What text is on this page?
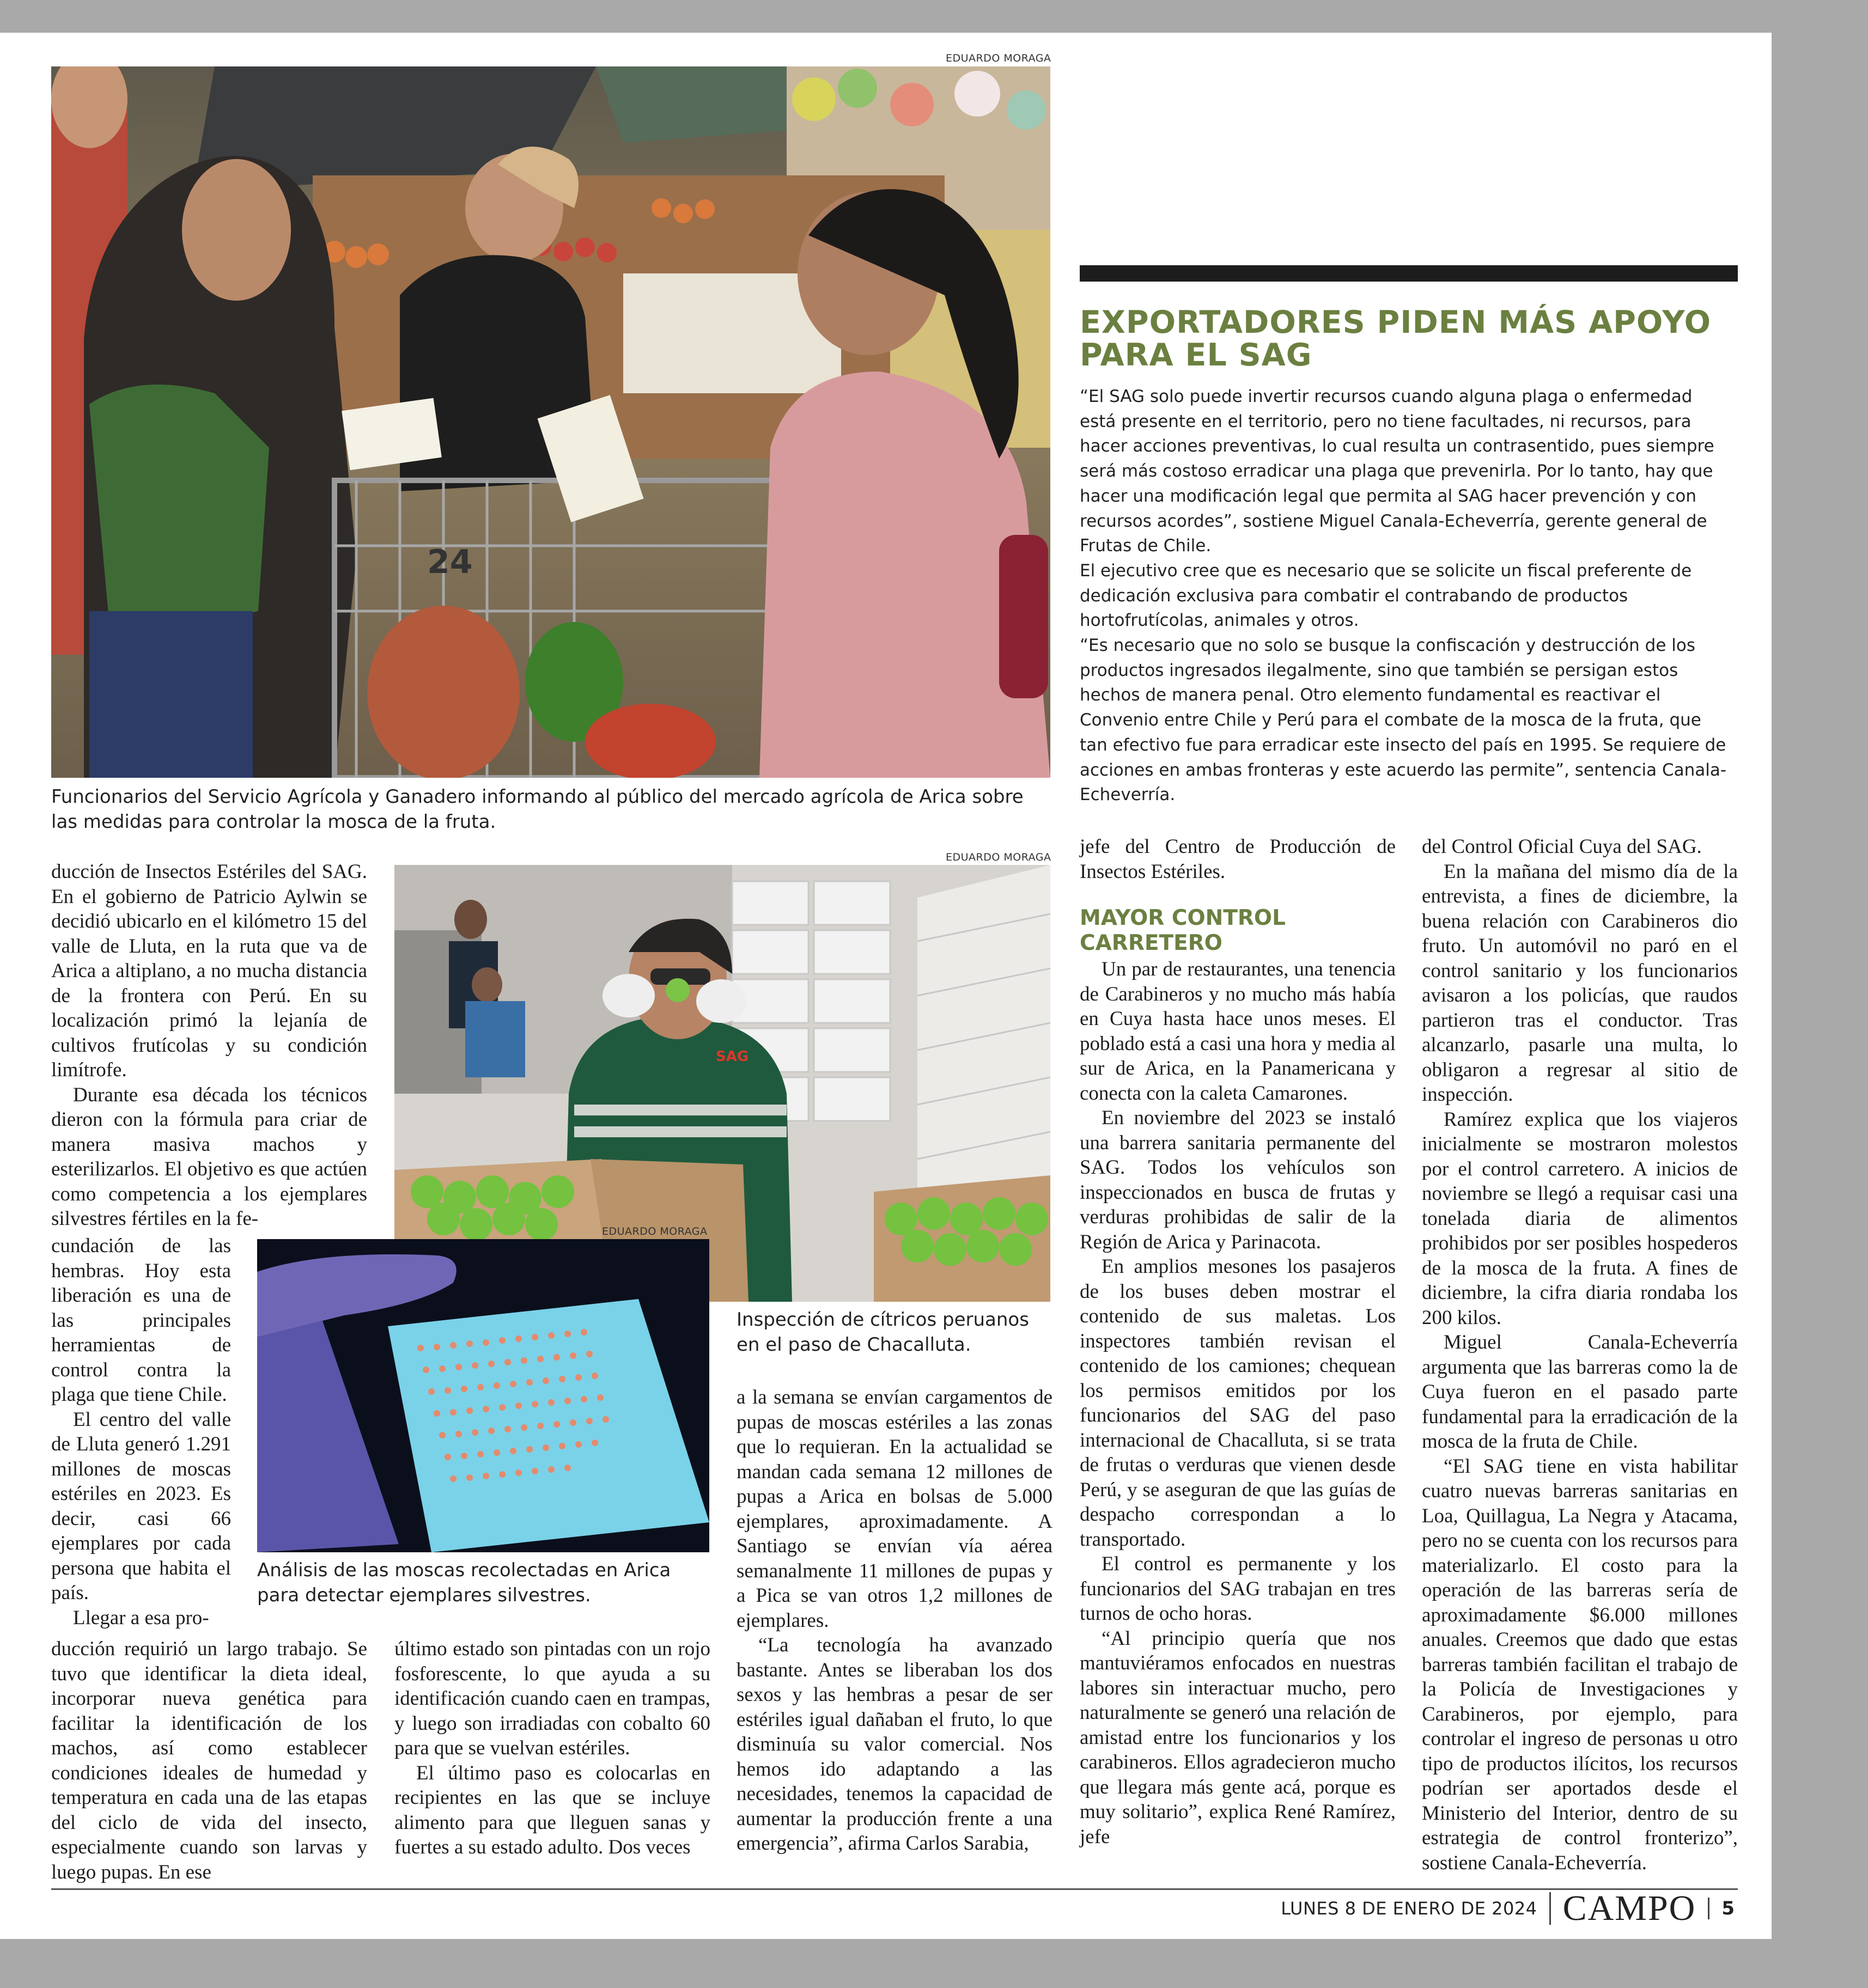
EDUARDO MORAGA
24
Funcionarios del Servicio Agrícola y Ganadero informando al público del mercado agrícola de Arica sobre las medidas para controlar la mosca de la fruta.
EXPORTADORES PIDEN MÁS APOYO PARA EL SAG

“El SAG solo puede invertir recursos cuando alguna plaga o enfermedad está presente en el territorio, pero no tiene facultades, ni recursos, para hacer acciones preventivas, lo cual resulta un contrasentido, pues siempre será más costoso erradicar una plaga que prevenirla. Por lo tanto, hay que hacer una modificación legal que permita al SAG hacer prevención y con recursos acordes”, sostiene Miguel Canala-Echeverría, gerente general de Frutas de Chile.

El ejecutivo cree que es necesario que se solicite un fiscal preferente de dedicación exclusiva para combatir el contrabando de productos hortofrutícolas, animales y otros.

“Es necesario que no solo se busque la confiscación y destrucción de los productos ingresados ilegalmente, sino que también se persigan estos hechos de manera penal. Otro elemento fundamental es reactivar el Convenio entre Chile y Perú para el combate de la mosca de la fruta, que tan efectivo fue para erradicar este insecto del país en 1995. Se requiere de acciones en ambas fronteras y este acuerdo las permite”, sentencia Canala-Echeverría.

EDUARDO MORAGA
SAG
Inspección de cítricos peruanos en el paso de Chacalluta.
EDUARDO MORAGA
Análisis de las moscas recolectadas en Arica para detectar ejemplares silvestres.

ducción de Insectos Estériles del SAG. En el gobierno de Patricio Aylwin se decidió ubicarlo en el kilómetro 15 del valle de Lluta, en la ruta que va de Arica a altiplano, a no mucha distancia de la frontera con Perú. En su localización primó la lejanía de cultivos frutícolas y su condición limítrofe.

Durante esa década los técnicos dieron con la fórmula para criar de manera masiva machos y esterilizarlos. El objetivo es que actúen como competencia a los ejemplares silvestres fértiles en la fe-

cundación de las hembras. Hoy esta liberación es una de las principales herramientas de control contra la plaga que tiene Chile.

El centro del valle de Lluta generó 1.291 millones de moscas estériles en 2023. Es decir, casi 66 ejemplares por cada persona que habita el país.

Llegar a esa pro-

ducción requirió un largo trabajo. Se tuvo que identificar la dieta ideal, incorporar nueva genética para facilitar la identificación de los machos, así como establecer condiciones ideales de humedad y temperatura en cada una de las etapas del ciclo de vida del insecto, especialmente cuando son larvas y luego pupas. En ese

último estado son pintadas con un rojo fosforescente, lo que ayuda a su identificación cuando caen en trampas, y luego son irradiadas con cobalto 60 para que se vuelvan estériles.

El último paso es colocarlas en recipientes en las que se incluye alimento para que lleguen sanas y fuertes a su estado adulto. Dos veces

a la semana se envían cargamentos de pupas de moscas estériles a las zonas que lo requieran. En la actualidad se mandan cada semana 12 millones de pupas a Arica en bolsas de 5.000 ejemplares, aproximadamente. A Santiago se envían vía aérea semanalmente 11 millones de pupas y a Pica se van otros 1,2 millones de ejemplares.

“La tecnología ha avanzado bastante. Antes se liberaban los dos sexos y las hembras a pesar de ser estériles igual dañaban el fruto, lo que disminuía su valor comercial. Nos hemos ido adaptando a las necesidades, tenemos la capacidad de aumentar la producción frente a una emergencia”, afirma Carlos Sarabia,

jefe del Centro de Producción de Insectos Estériles.

MAYOR CONTROL CARRETERO

Un par de restaurantes, una tenencia de Carabineros y no mucho más había en Cuya hasta hace unos meses. El poblado está a casi una hora y media al sur de Arica, en la Panamericana y conecta con la caleta Camarones.

En noviembre del 2023 se instaló una barrera sanitaria permanente del SAG. Todos los vehículos son inspeccionados en busca de frutas y verduras prohibidas de salir de la Región de Arica y Parinacota.

En amplios mesones los pasajeros de los buses deben mostrar el contenido de sus maletas. Los inspectores también revisan el contenido de los camiones; chequean los permisos emitidos por los funcionarios del SAG del paso internacional de Chacalluta, si se trata de frutas o verduras que vienen desde Perú, y se aseguran de que las guías de despacho correspondan a lo transportado.

El control es permanente y los funcionarios del SAG trabajan en tres turnos de ocho horas.

“Al principio quería que nos mantuviéramos enfocados en nuestras labores sin interactuar mucho, pero naturalmente se generó una relación de amistad entre los funcionarios y los carabineros. Ellos agradecieron mucho que llegara más gente acá, porque es muy solitario”, explica René Ramírez, jefe

del Control Oficial Cuya del SAG.

En la mañana del mismo día de la entrevista, a fines de diciembre, la buena relación con Carabineros dio fruto. Un automóvil no paró en el control sanitario y los funcionarios avisaron a los policías, que raudos partieron tras el conductor. Tras alcanzarlo, pasarle una multa, lo obligaron a regresar al sitio de inspección.

Ramírez explica que los viajeros inicialmente se mostraron molestos por el control carretero. A inicios de noviembre se llegó a requisar casi una tonelada diaria de alimentos prohibidos por ser posibles hospederos de la mosca de la fruta. A fines de diciembre, la cifra diaria rondaba los 200 kilos.

Miguel Canala-Echeverría argumenta que las barreras como la de Cuya fueron en el pasado parte fundamental para la erradicación de la mosca de la fruta de Chile.

“El SAG tiene en vista habilitar cuatro nuevas barreras sanitarias en Loa, Quillagua, La Negra y Atacama, pero no se cuenta con los recursos para materializarlo. El costo para la operación de las barreras sería de aproximadamente $6.000 millones anuales. Creemos que dado que estas barreras también facilitan el trabajo de la Policía de Investigaciones y Carabineros, por ejemplo, para controlar el ingreso de personas u otro tipo de productos ilícitos, los recursos podrían ser aportados desde el Ministerio del Interior, dentro de su estrategia de control fronterizo”, sostiene Canala-Echeverría.

LUNES 8 DE ENERO DE 2024 CAMPO 5
